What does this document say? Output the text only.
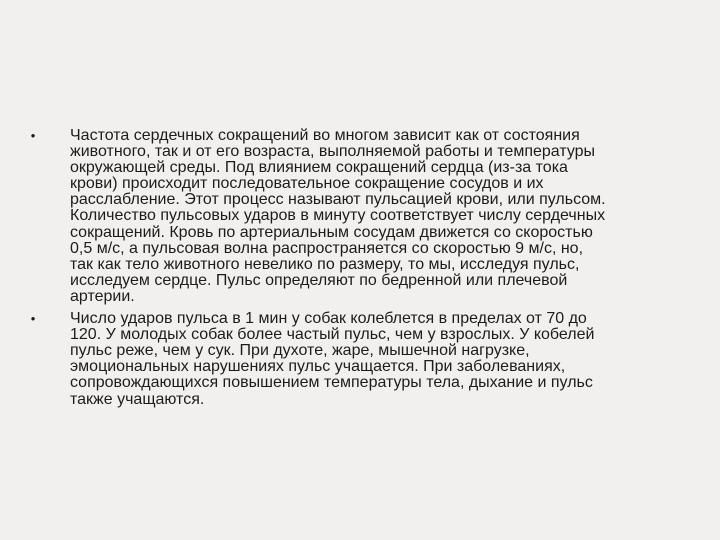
• Частота сердечных сокращений во многом зависит как от состояния
животного, так и от его возраста, выполняемой работы и температуры
окружающей среды. Под влиянием сокращений сердца (из-за тока
крови) происходит последовательное сокращение сосудов и их
расслабление. Этот процесс называют пульсацией крови, или пульсом.
Количество пульсовых ударов в минуту соответствует числу сердечных
сокращений. Кровь по артериальным сосудам движется со скоростью
0,5 м/с, а пульсовая волна распространяется со скоростью 9 м/с, но,
так как тело животного невелико по размеру, то мы, исследуя пульс,
исследуем сердце. Пульс определяют по бедренной или плечевой
артерии.
• Число ударов пульса в 1 мин у собак колеблется в пределах от 70 до
120. У молодых собак более частый пульс, чем у взрослых. У кобелей
пульс реже, чем у сук. При духоте, жаре, мышечной нагрузке,
эмоциональных нарушениях пульс учащается. При заболеваниях,
сопровождающихся повышением температуры тела, дыхание и пульс
также учащаются.
